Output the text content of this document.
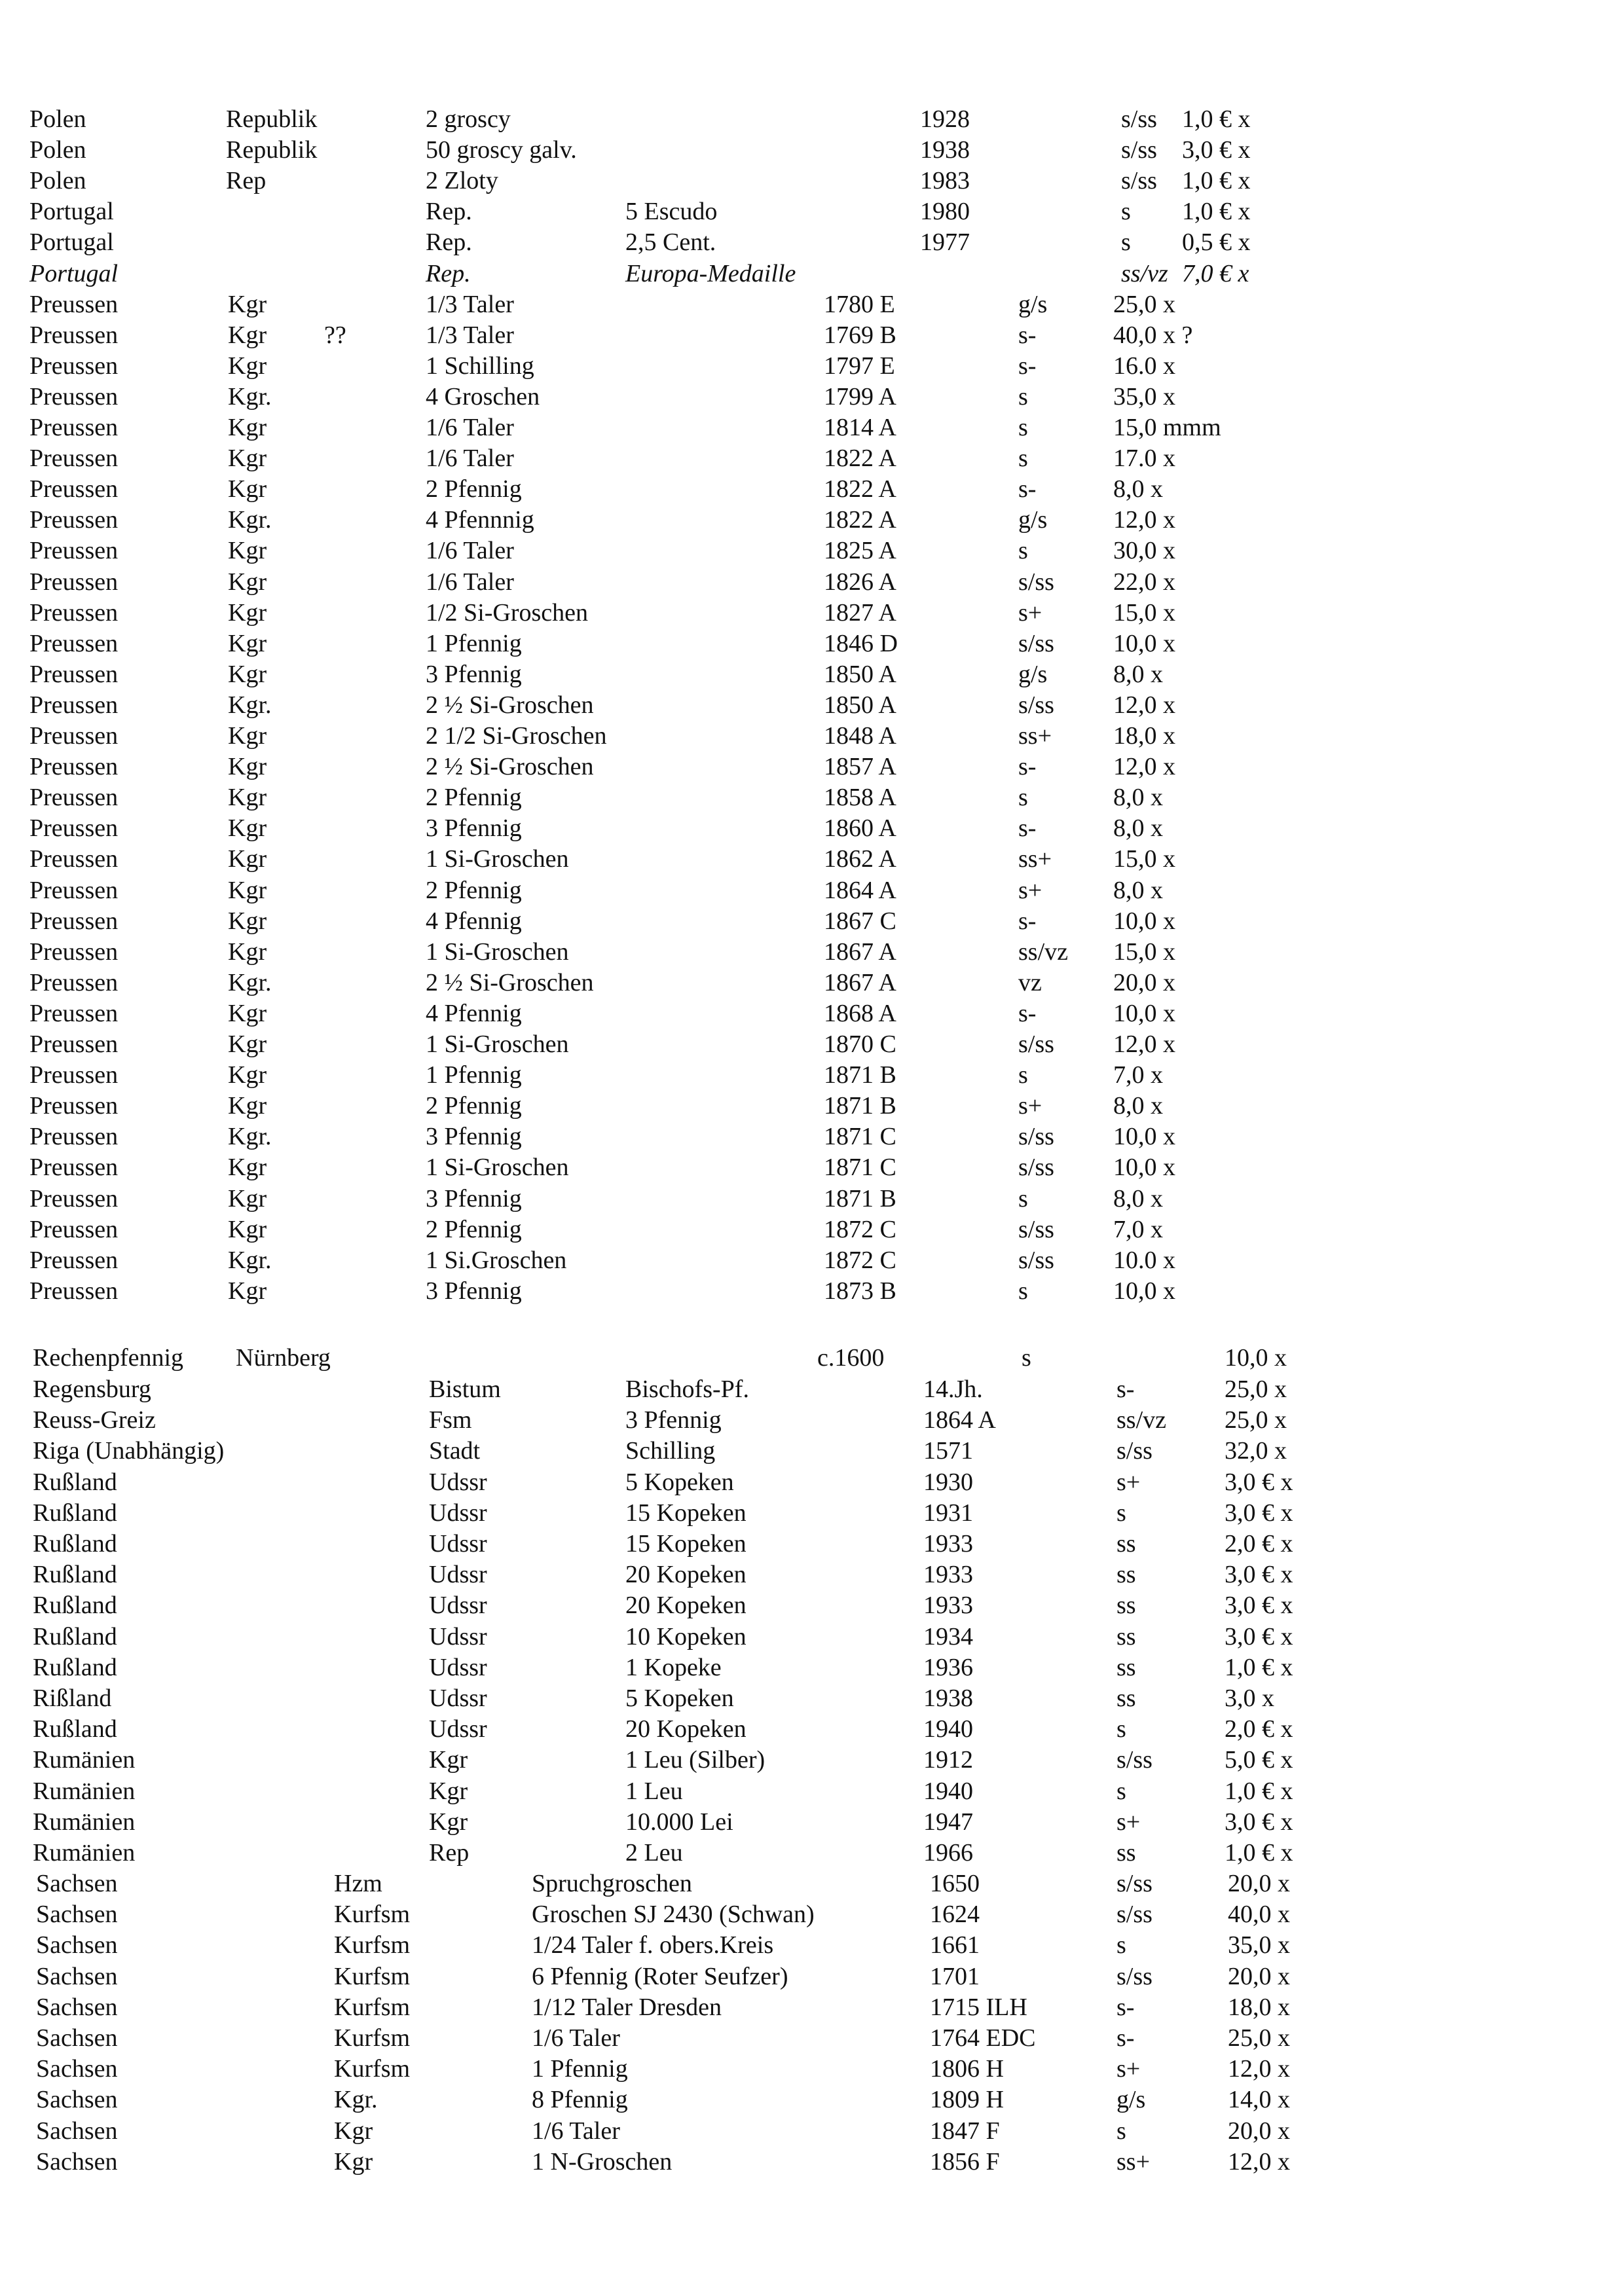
Polen	Republik	2 groscy	1928	s/ss 1,0 € x
Polen	Republik	50 groscy galv.	1938	s/ss 3,0 € x
Polen	Rep	2 Zloty	1983	s/ss 1,0 € x
Portugal	Rep.	5 Escudo	1980	s 1,0 € x
Portugal	Rep.	2,5 Cent.	1977	s 0,5 € x
Portugal	Rep.	Europa-Medaille	ss/vz 7,0 € x
Preussen	Kgr	1/3 Taler	1780 E	g/s	25,0 x
Preussen	Kgr ??	1/3 Taler	1769 B	s-	40,0 x ?
Preussen	Kgr	1 Schilling	1797 E	s-	16.0 x
Preussen	Kgr.	4 Groschen	1799 A	s	35,0 x
Preussen	Kgr	1/6 Taler	1814 A	s	15,0 mmm
Preussen	Kgr	1/6 Taler	1822 A	s	17.0 x
Preussen	Kgr	2 Pfennig	1822 A	s-	8,0 x
Preussen	Kgr.	4 Pfennnig	1822 A	g/s	12,0 x
Preussen	Kgr	1/6 Taler	1825 A	s	30,0 x
Preussen	Kgr	1/6 Taler	1826 A	s/ss 22,0 x
Preussen	Kgr	1/2 Si-Groschen	1827 A	s+	15,0 x
Preussen	Kgr	1 Pfennig	1846 D	s/ss 10,0 x
Preussen	Kgr	3 Pfennig	1850 A	g/s	8,0 x
Preussen	Kgr.	2 ½ Si-Groschen	1850 A	s/ss 12,0 x
Preussen	Kgr	2 1/2 Si-Groschen	1848 A	ss+ 18,0 x
Preussen	Kgr	2 ½ Si-Groschen	1857 A	s-	12,0 x
Preussen	Kgr	2 Pfennig	1858 A	s	8,0 x
Preussen	Kgr	3 Pfennig	1860 A	s-	8,0 x
Preussen	Kgr	1 Si-Groschen	1862 A	ss+ 15,0 x
Preussen	Kgr	2 Pfennig	1864 A	s+	8,0 x
Preussen	Kgr	4 Pfennig	1867 C	s-	10,0 x
Preussen	Kgr	1 Si-Groschen	1867 A	ss/vz 15,0 x
Preussen	Kgr.	2 ½ Si-Groschen	1867 A	vz	20,0 x
Preussen	Kgr	4 Pfennig	1868 A	s-	10,0 x
Preussen	Kgr	1 Si-Groschen	1870 C	s/ss 12,0 x
Preussen	Kgr	1 Pfennig	1871 B	s	7,0 x
Preussen	Kgr	2 Pfennig	1871 B	s+	8,0 x
Preussen	Kgr.	3 Pfennig	1871 C	s/ss 10,0 x
Preussen	Kgr	1 Si-Groschen	1871 C	s/ss 10,0 x
Preussen	Kgr	3 Pfennig	1871 B	s	8,0 x
Preussen	Kgr	2 Pfennig	1872 C	s/ss 7,0 x
Preussen	Kgr.	1 Si.Groschen	1872 C	s/ss 10.0 x
Preussen	Kgr	3 Pfennig	1873 B	s	10,0 x
Rechenpfennig Nürnberg	c.1600	s	10,0 x
Regensburg	Bistum	Bischofs-Pf.	14.Jh.	s-	25,0 x
Reuss-Greiz	Fsm	3 Pfennig	1864 A	ss/vz 25,0 x
Riga (Unabhängig)	Stadt	Schilling	1571	s/ss	32,0 x
Rußland	Udssr	5 Kopeken	1930	s+	3,0 € x
Rußland	Udssr	15 Kopeken	1931	s	3,0 € x
Rußland	Udssr	15 Kopeken	1933	ss	2,0 € x
Rußland	Udssr	20 Kopeken	1933	ss	3,0 € x
Rußland	Udssr	20 Kopeken	1933	ss	3,0 € x
Rußland	Udssr	10 Kopeken	1934	ss	3,0 € x
Rußland	Udssr	1 Kopeke	1936	ss	1,0 € x
Rißland	Udssr	5 Kopeken	1938	ss	3,0 x
Rußland	Udssr	20 Kopeken	1940	s	2,0 € x
Rumänien	Kgr	1 Leu (Silber)	1912	s/ss	5,0 € x
Rumänien	Kgr	1 Leu	1940	s	1,0 € x
Rumänien	Kgr	10.000 Lei	1947	s+	3,0 € x
Rumänien	Rep	2 Leu	1966	ss	1,0 € x
Sachsen	Hzm	Spruchgroschen	1650	s/ss	20,0 x
Sachsen	Kurfsm	Groschen SJ 2430 (Schwan)	1624	s/ss	40,0 x
Sachsen	Kurfsm	1/24 Taler f. obers.Kreis	1661	s	35,0 x
Sachsen	Kurfsm	6 Pfennig (Roter Seufzer)	1701	s/ss	20,0 x
Sachsen	Kurfsm	1/12 Taler Dresden	1715 ILH	s-	18,0 x
Sachsen	Kurfsm	1/6 Taler	1764 EDC	s-	25,0 x
Sachsen	Kurfsm	1 Pfennig	1806 H	s+	12,0 x
Sachsen	Kgr.	8 Pfennig	1809 H	g/s	14,0 x
Sachsen	Kgr	1/6 Taler	1847 F	s	20,0 x
Sachsen	Kgr	1 N-Groschen	1856 F	ss+	12,0 x
